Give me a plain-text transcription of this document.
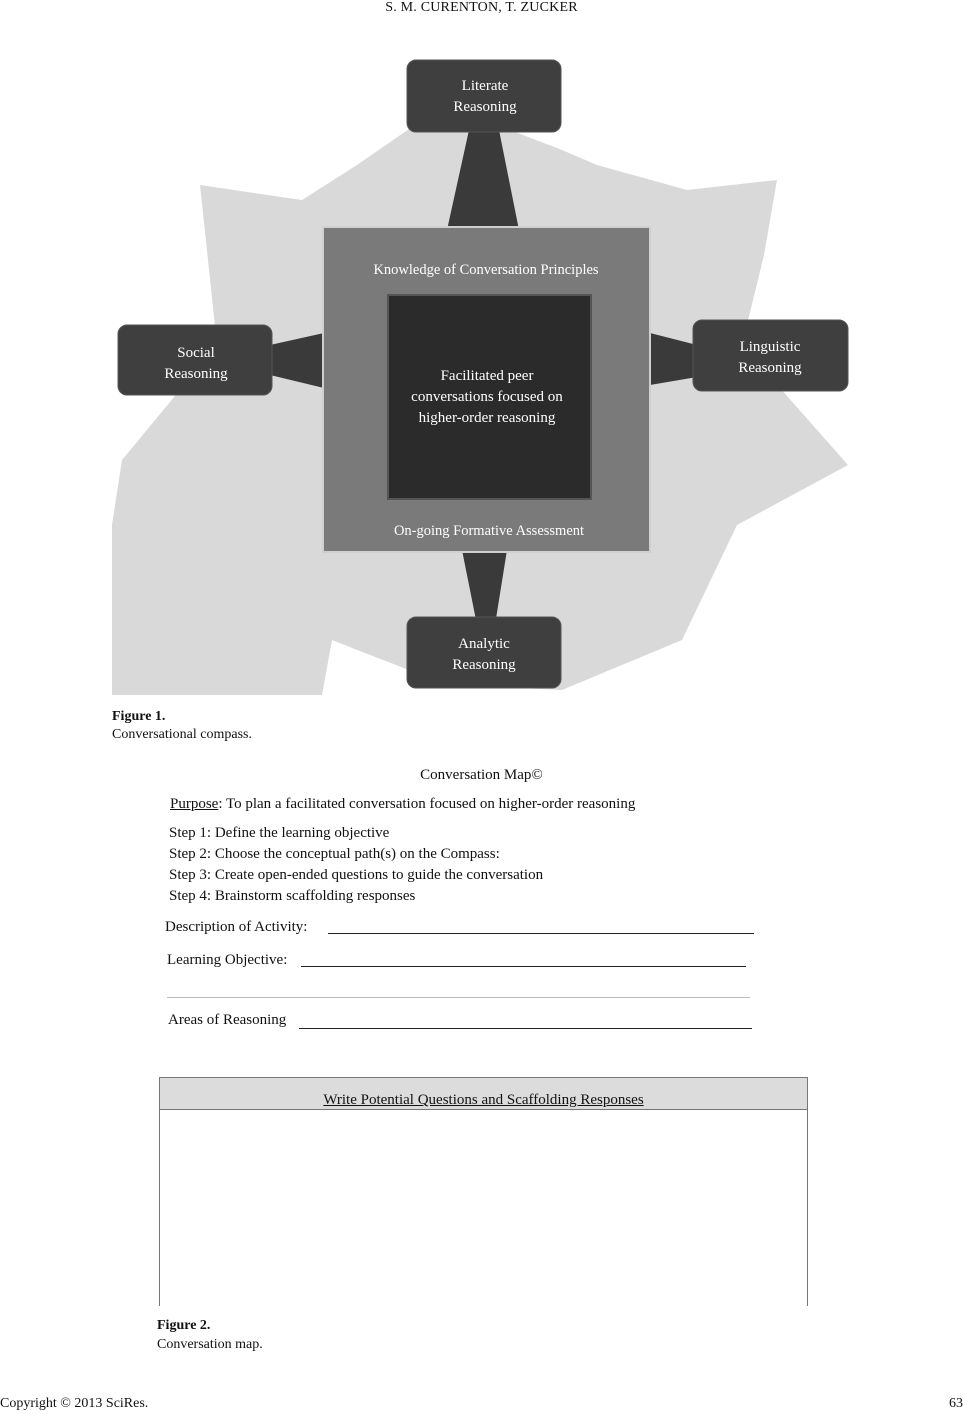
S. M. CURENTON, T. ZUCKER
Literate
Reasoning
Social
Reasoning
Linguistic
Reasoning
Analytic
Reasoning
Knowledge of Conversation Principles
On-going Formative Assessment
Facilitated peer
conversations focused on
higher-order reasoning
Figure 1.
Conversational compass.
Conversation Map©
Purpose: To plan a facilitated conversation focused on higher-order reasoning
Step 1: Define the learning objective
Step 2: Choose the conceptual path(s) on the Compass:
Step 3: Create open-ended questions to guide the conversation
Step 4: Brainstorm scaffolding responses
Description of Activity:
Learning Objective:
Areas of Reasoning
Write Potential Questions and Scaffolding Responses
Figure 2.
Conversation map.
Copyright © 2013 SciRes.	63
